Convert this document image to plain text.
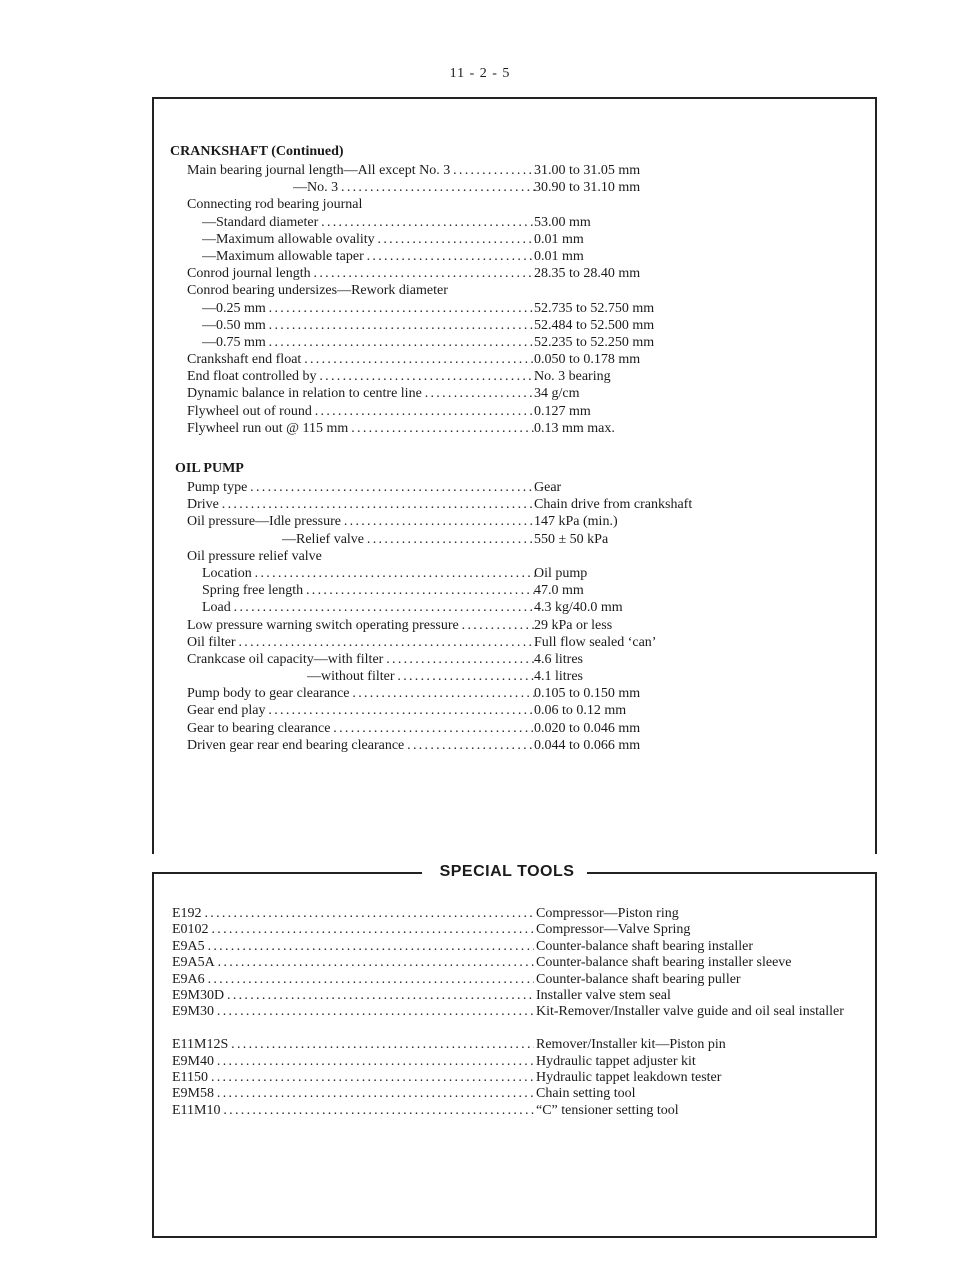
11 - 2 - 5
CRANKSHAFT (Continued)
Main bearing journal length—All except No. 3 . . .	31.00 to 31.05 mm
—No. 3 . . .	30.90 to 31.10 mm
Connecting rod bearing journal
—Standard diameter . . .	53.00 mm
—Maximum allowable ovality . . .	0.01 mm
—Maximum allowable taper . . .	0.01 mm
Conrod journal length . . .	28.35 to 28.40 mm
Conrod bearing undersizes—Rework diameter
—0.25 mm . . .	52.735 to 52.750 mm
—0.50 mm . . .	52.484 to 52.500 mm
—0.75 mm . . .	52.235 to 52.250 mm
Crankshaft end float . . .	0.050 to 0.178 mm
End float controlled by . . .	No. 3 bearing
Dynamic balance in relation to centre line . . .	34 g/cm
Flywheel out of round . . .	0.127 mm
Flywheel run out @ 115 mm . . .	0.13 mm max.
OIL PUMP
Pump type . . .	Gear
Drive . . .	Chain drive from crankshaft
Oil pressure—Idle pressure . . .	147 kPa (min.)
—Relief valve . . .	550 ± 50 kPa
Oil pressure relief valve
Location . . .	Oil pump
Spring free length . . .	47.0 mm
Load . . .	4.3 kg/40.0 mm
Low pressure warning switch operating pressure . . .	29 kPa or less
Oil filter . . .	Full flow sealed ‘can’
Crankcase oil capacity—with filter . . .	4.6 litres
—without filter . . .	4.1 litres
Pump body to gear clearance . . .	0.105 to 0.150 mm
Gear end play . . .	0.06 to 0.12 mm
Gear to bearing clearance . . .	0.020 to 0.046 mm
Driven gear rear end bearing clearance . . .	0.044 to 0.066 mm
SPECIAL TOOLS
E192 . . .	Compressor—Piston ring
E0102 . . .	Compressor—Valve Spring
E9A5 . . .	Counter-balance shaft bearing installer
E9A5A . . .	Counter-balance shaft bearing installer sleeve
E9A6 . . .	Counter-balance shaft bearing puller
E9M30D . . .	Installer valve stem seal
E9M30 . . .	Kit-Remover/Installer valve guide and oil seal installer
E11M12S . . .	Remover/Installer kit—Piston pin
E9M40 . . .	Hydraulic tappet adjuster kit
E1150 . . .	Hydraulic tappet leakdown tester
E9M58 . . .	Chain setting tool
E11M10 . . .	“C” tensioner setting tool
